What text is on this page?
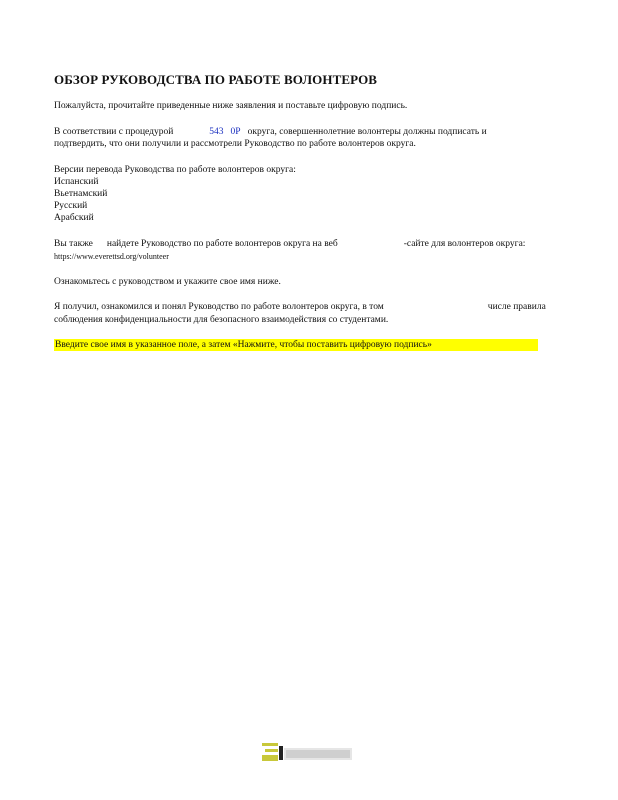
ОБЗОР РУКОВОДСТВА ПО РАБОТЕ ВОЛОНТЕРОВ
Пожалуйста, прочитайте приведенные ниже заявления и поставьте цифровую подпись.
В соответствии с процедурой	543 0P округа, совершеннолетние волонтеры должны подписать и
подтвердить, что они получили и рассмотрели Руководство по работе волонтеров округа.
Версии перевода Руководства по работе волонтеров округа:
Испанский
Вьетнамский
Русский
Арабский
Вы также найдете Руководство по работе волонтеров округа на веб	-сайте для волонтеров округа:
https://www.everettsd.org/volunteer
Ознакомьтесь с руководством и укажите свое имя ниже.
Я получил, ознакомился и понял Руководство по работе волонтеров округа, в том	числе правила
соблюдения конфиденциальности для безопасного взаимодействия со студентами.
Введите свое имя в указанное поле, а затем «Нажмите, чтобы поставить цифровую подпись»
